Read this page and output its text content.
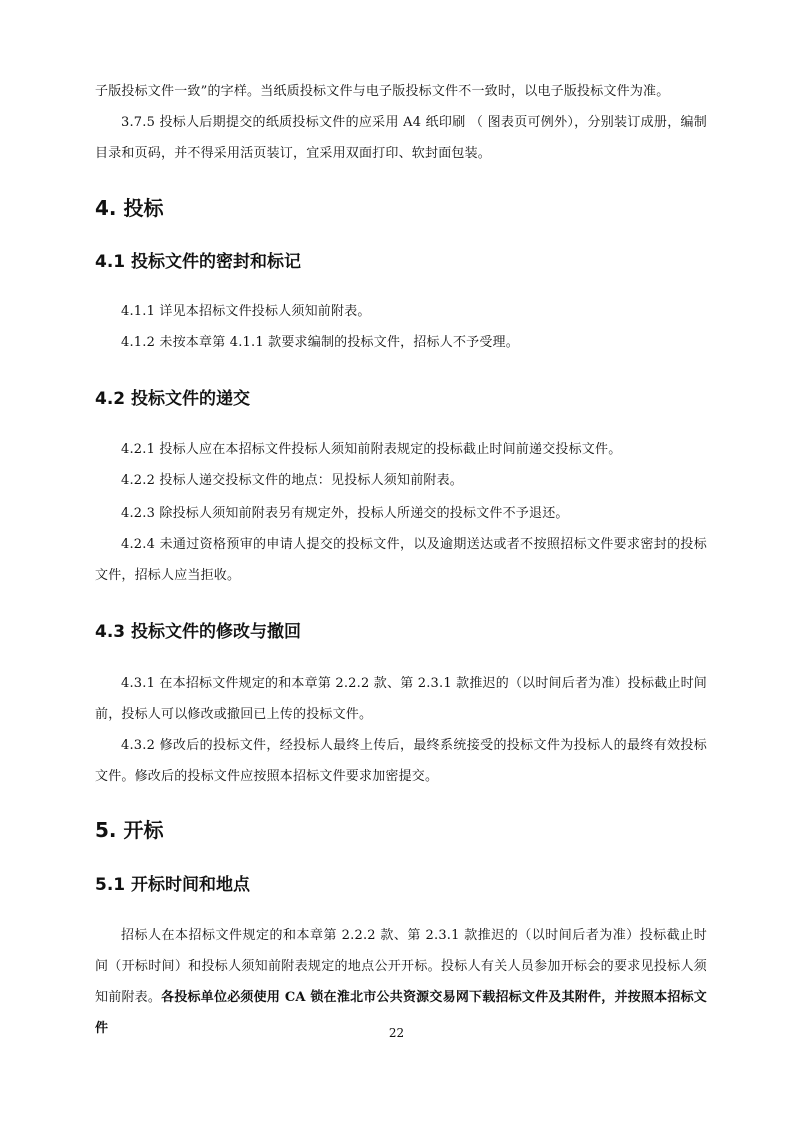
子版投标文件一致”的字样。当纸质投标文件与电子版投标文件不一致时，以电子版投标文件为准。

3.7.5 投标人后期提交的纸质投标文件的应采用 A4 纸印刷 （ 图表页可例外），分别装订成册，编制目录和页码，并不得采用活页装订，宜采用双面打印、软封面包装。

4. 投标
4.1 投标文件的密封和标记

4.1.1 详见本招标文件投标人须知前附表。

4.1.2 未按本章第 4.1.1 款要求编制的投标文件，招标人不予受理。

4.2 投标文件的递交

4.2.1 投标人应在本招标文件投标人须知前附表规定的投标截止时间前递交投标文件。

4.2.2 投标人递交投标文件的地点：见投标人须知前附表。

4.2.3 除投标人须知前附表另有规定外，投标人所递交的投标文件不予退还。

4.2.4 未通过资格预审的申请人提交的投标文件，以及逾期送达或者不按照招标文件要求密封的投标文件，招标人应当拒收。

4.3 投标文件的修改与撤回

4.3.1 在本招标文件规定的和本章第 2.2.2 款、第 2.3.1 款推迟的（以时间后者为准）投标截止时间前，投标人可以修改或撤回已上传的投标文件。

4.3.2 修改后的投标文件，经投标人最终上传后，最终系统接受的投标文件为投标人的最终有效投标文件。修改后的投标文件应按照本招标文件要求加密提交。

5. 开标
5.1 开标时间和地点

招标人在本招标文件规定的和本章第 2.2.2 款、第 2.3.1 款推迟的（以时间后者为准）投标截止时间（开标时间）和投标人须知前附表规定的地点公开开标。投标人有关人员参加开标会的要求见投标人须知前附表。各投标单位必须使用 CA 锁在淮北市公共资源交易网下载招标文件及其附件，并按照本招标文件	22
